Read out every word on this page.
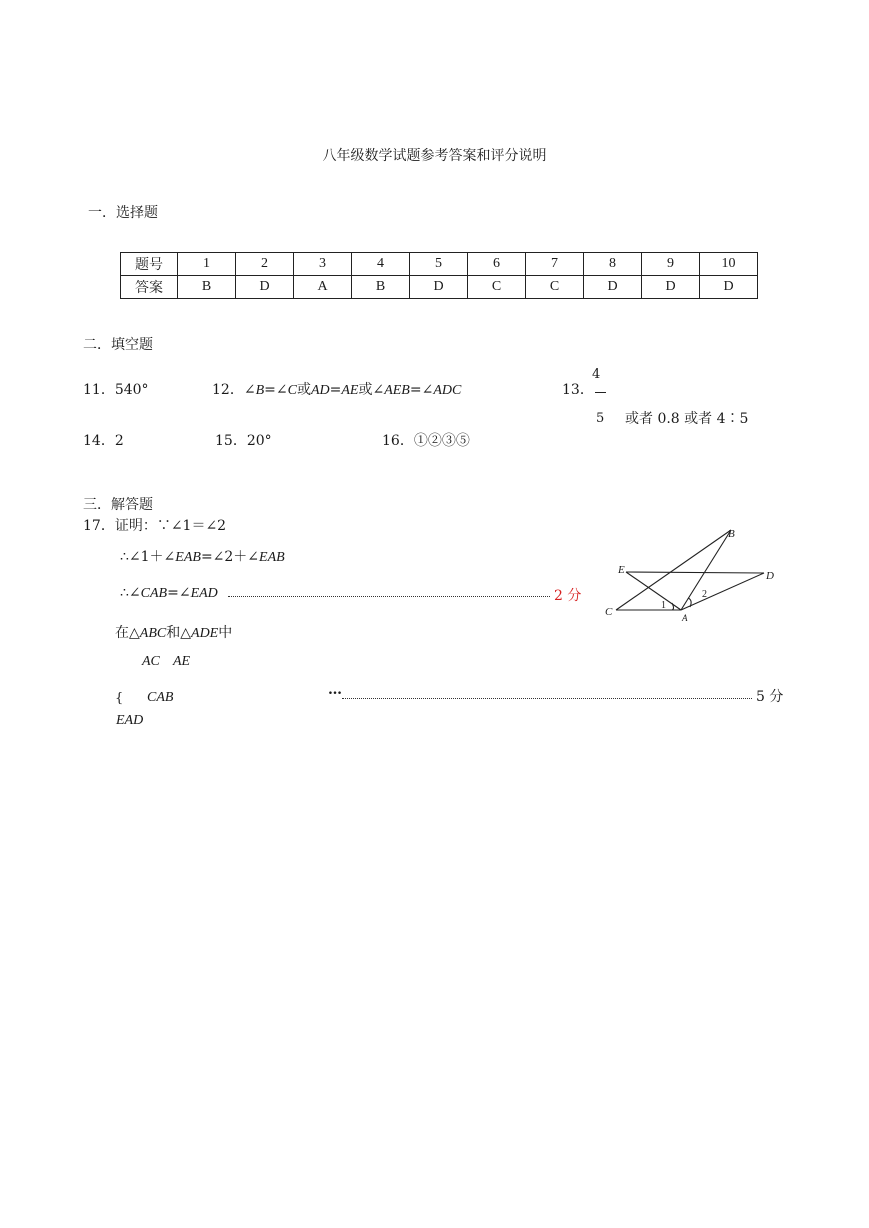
八年级数学试题参考答案和评分说明
一．选择题
题号	1	2	3	4	5	6	7	8	9	10
答案	B	D	A	B	D	C	C	D	D	D
二．填空题
11．540°	12．∠B=∠C或AD=AE或∠AEB=∠ADC	13．
4
5 或者 0.8 或者 4∶5
14．2	15．20°	16．①②③⑤
三．解答题
17．证明：∵∠1＝∠2
∴∠1＋∠EAB=∠2＋∠EAB
∴∠CAB=∠EAD	2 分
在△ABC和△ADE中
AC AE
{ CAB
EAD
…	5 分
B
E	D
C	A
1
2
